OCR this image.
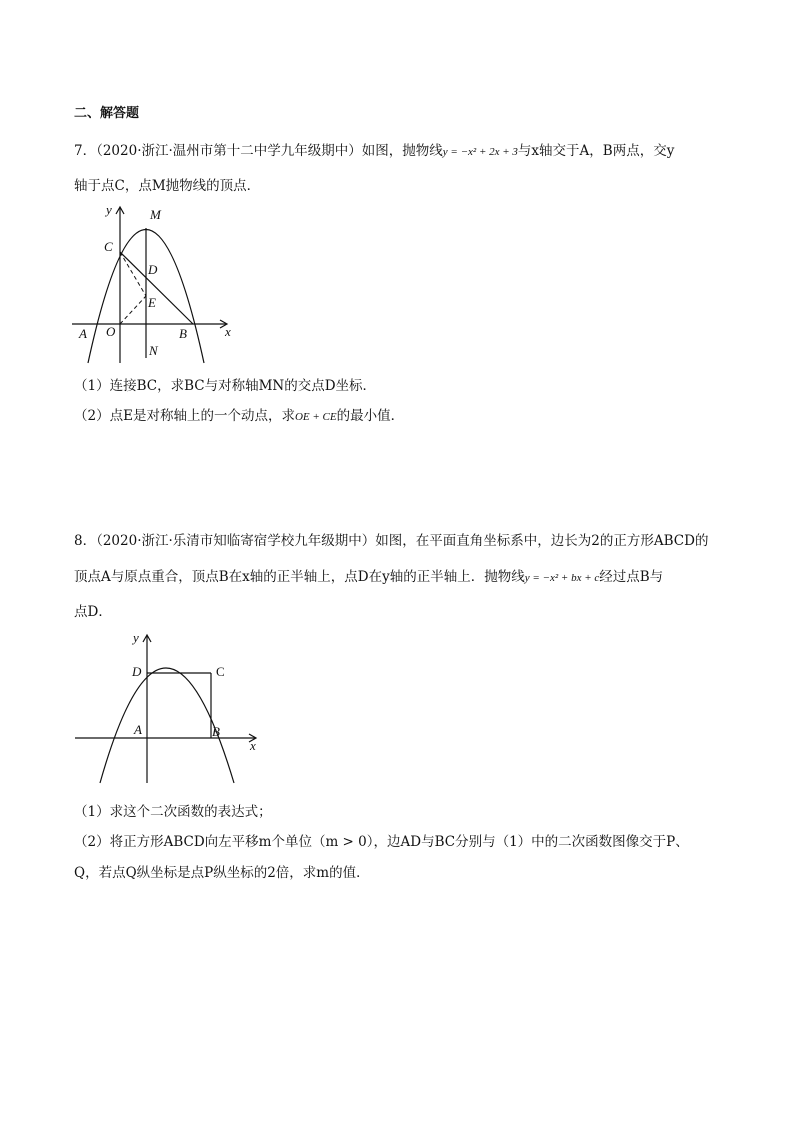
二、解答题
7．（2020·浙江·温州市第十二中学九年级期中）如图，抛物线y = −x² + 2x + 3与x轴交于A，B两点，交y
轴于点C，点M抛物线的顶点．
y	M
C
D
E
A O	B	x
N
（1）连接BC，求BC与对称轴MN的交点D坐标．
（2）点E是对称轴上的一个动点，求OE + CE的最小值．
8．（2020·浙江·乐清市知临寄宿学校九年级期中）如图，在平面直角坐标系中，边长为2的正方形ABCD的
顶点A与原点重合，顶点B在x轴的正半轴上，点D在y轴的正半轴上．抛物线y = −x² + bx + c经过点B与
点D．
y
D	C
A	B
x
（1）求这个二次函数的表达式；
（2）将正方形ABCD向左平移m个单位（m > 0），边AD与BC分别与（1）中的二次函数图像交于P、
Q，若点Q纵坐标是点P纵坐标的2倍，求m的值．
